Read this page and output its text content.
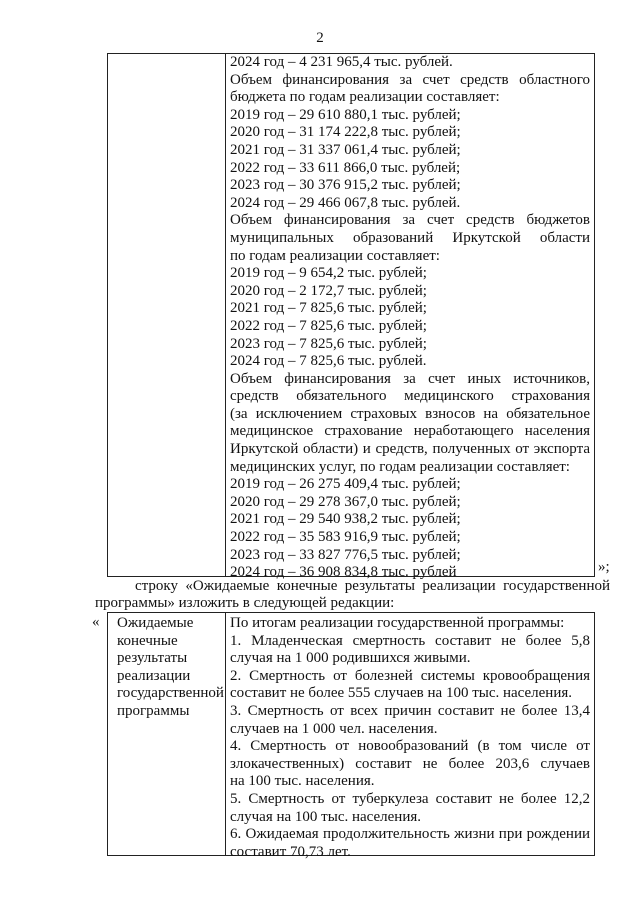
2
2024 год – 4 231 965,4 тыс. рублей.
Объем финансирования за счет средств областного
бюджета по годам реализации составляет:
2019 год – 29 610 880,1 тыс. рублей;
2020 год – 31 174 222,8 тыс. рублей;
2021 год – 31 337 061,4 тыс. рублей;
2022 год – 33 611 866,0 тыс. рублей;
2023 год – 30 376 915,2 тыс. рублей;
2024 год – 29 466 067,8 тыс. рублей.
Объем финансирования за счет средств бюджетов
муниципальных образований Иркутской области
по годам реализации составляет:
2019 год – 9 654,2 тыс. рублей;
2020 год – 2 172,7 тыс. рублей;
2021 год – 7 825,6 тыс. рублей;
2022 год – 7 825,6 тыс. рублей;
2023 год – 7 825,6 тыс. рублей;
2024 год – 7 825,6 тыс. рублей.
Объем финансирования за счет иных источников,
средств обязательного медицинского страхования
(за исключением страховых взносов на обязательное
медицинское страхование неработающего населения
Иркутской области) и средств, полученных от экспорта
медицинских услуг, по годам реализации составляет:
2019 год – 26 275 409,4 тыс. рублей;
2020 год – 29 278 367,0 тыс. рублей;
2021 год – 29 540 938,2 тыс. рублей;
2022 год – 35 583 916,9 тыс. рублей;
2023 год – 33 827 776,5 тыс. рублей;
2024 год – 36 908 834,8 тыс. рублей	»;
строку «Ожидаемые конечные результаты реализации государственной
программы» изложить в следующей редакции:
« Ожидаемые
конечные
результаты
реализации
государственной
программы
По итогам реализации государственной программы:
1. Младенческая смертность составит не более 5,8
случая на 1 000 родившихся живыми.
2. Смертность от болезней системы кровообращения
составит не более 555 случаев на 100 тыс. населения.
3. Смертность от всех причин составит не более 13,4
случаев на 1 000 чел. населения.
4. Смертность от новообразований (в том числе от
злокачественных) составит не более 203,6 случаев
на 100 тыс. населения.
5. Смертность от туберкулеза составит не более 12,2
случая на 100 тыс. населения.
6. Ожидаемая продолжительность жизни при рождении
составит 70,73 лет.
